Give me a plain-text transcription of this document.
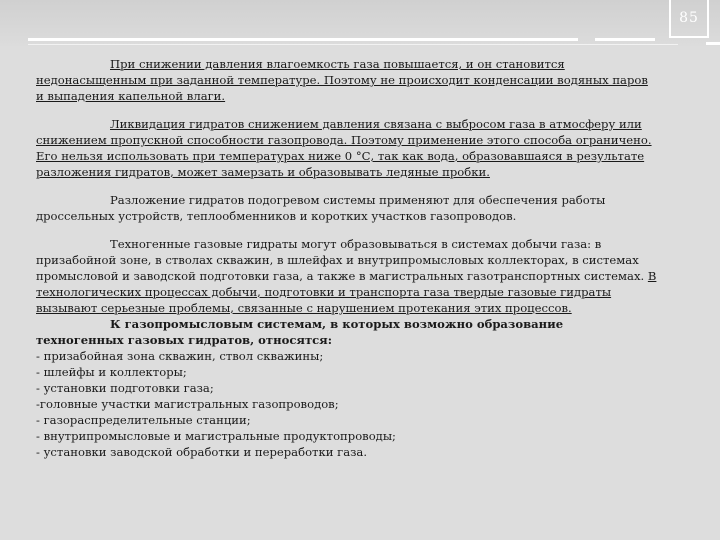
85

При снижении давления влагоемкость газа повышается, и он становится
недонасыщенным при заданной температуре. Поэтому не происходит конденсации водяных паров
и выпадения капельной влаги.

Ликвидация гидратов снижением давления связана с выбросом газа в атмосферу или
снижением пропускной способности газопровода. Поэтому применение этого способа ограничено.
Его нельзя использовать при температурах ниже 0 °С, так как вода, образовавшаяся в результате
разложения гидратов, может замерзать и образовывать ледяные пробки.

Разложение гидратов подогревом системы применяют для обеспечения работы
дроссельных устройств, теплообменников и коротких участков газопроводов.

Техногенные газовые гидраты могут образовываться в системах добычи газа: в
призабойной зоне, в стволах скважин, в шлейфах и внутрипромысловых коллекторах, в системах
промысловой и заводской подготовки газа, а также в магистральных газотранспортных системах. В
технологических процессах добычи, подготовки и транспорта газа твердые газовые гидраты
вызывают серьезные проблемы, связанные с нарушением протекания этих процессов.

К газопромысловым системам, в которых возможно образование
техногенных газовых гидратов, относятся:

- призабойная зона скважин, ствол скважины;

- шлейфы и коллекторы;

- установки подготовки газа;

-головные участки магистральных газопроводов;

- газораспределительные станции;

- внутрипромысловые и магистральные продуктопроводы;

- установки заводской обработки и переработки газа.
